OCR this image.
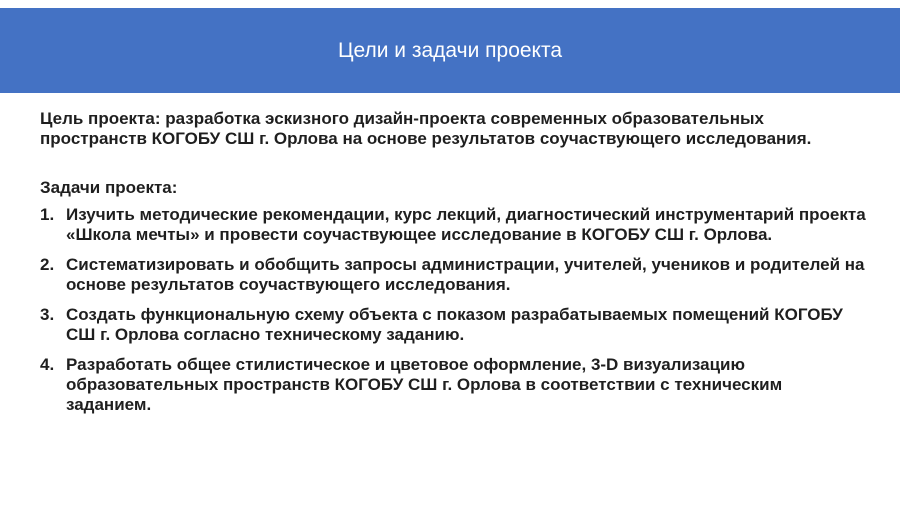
Цели и задачи проекта

Цель проекта: разработка эскизного дизайн-проекта современных образовательных пространств КОГОБУ СШ г. Орлова на основе результатов соучаствующего исследования.

Задачи проекта:

1. Изучить методические рекомендации, курс лекций, диагностический инструментарий проекта «Школа мечты» и провести соучаствующее исследование в КОГОБУ СШ г. Орлова.
2. Систематизировать и обобщить запросы администрации, учителей, учеников и родителей на основе результатов соучаствующего исследования.
3. Создать функциональную схему объекта с показом разрабатываемых помещений КОГОБУ СШ г. Орлова согласно техническому заданию.
4. Разработать общее стилистическое и цветовое оформление, 3-D визуализацию образовательных пространств КОГОБУ СШ г. Орлова в соответствии с техническим заданием.
